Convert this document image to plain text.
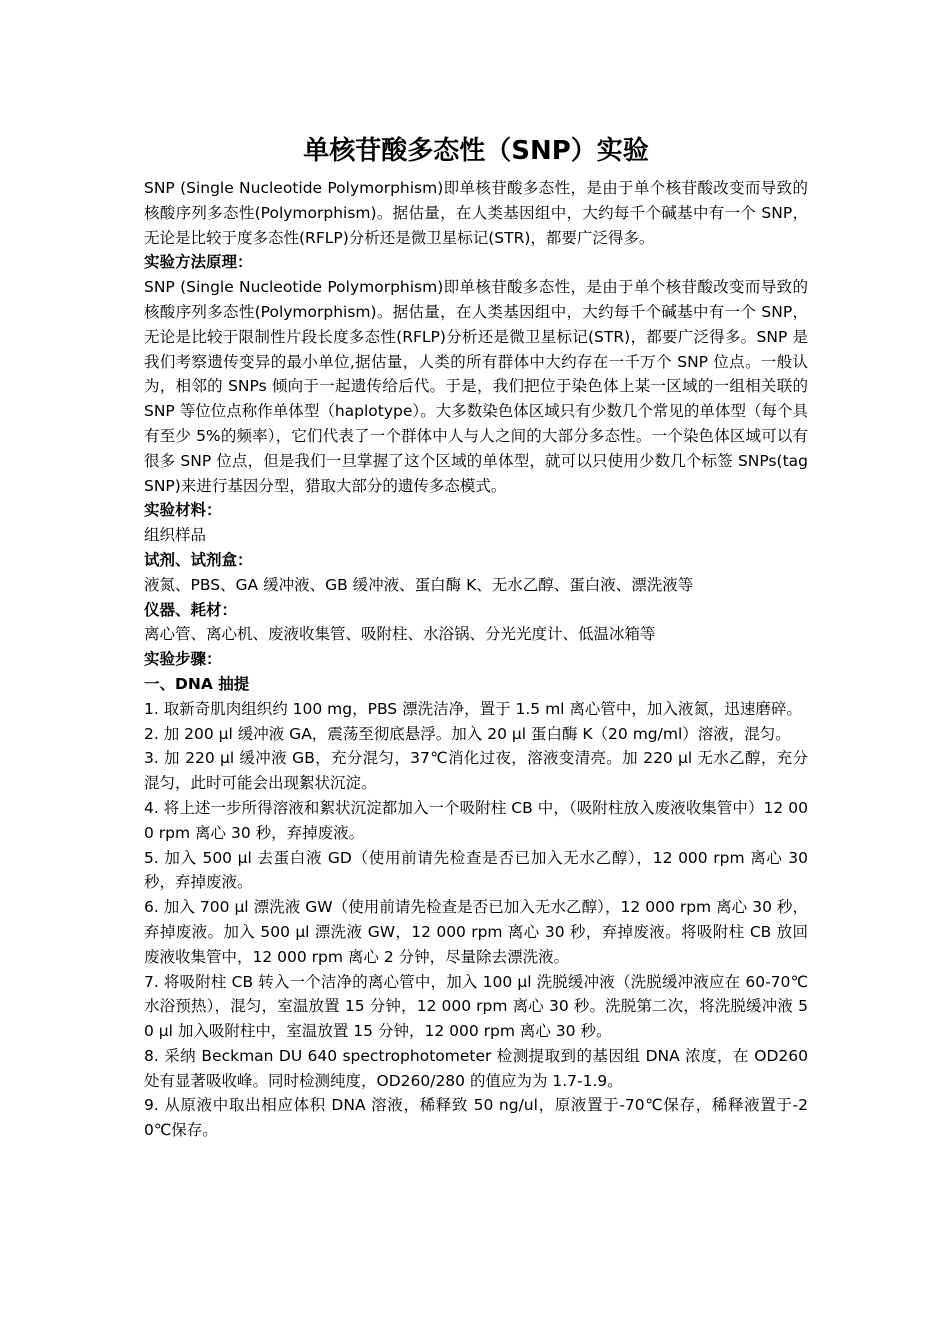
单核苷酸多态性（SNP）实验

SNP (Single Nucleotide Polymorphism)即单核苷酸多态性，是由于单个核苷酸改变而导致的核酸序列多态性(Polymorphism)。据估量，在人类基因组中，大约每千个碱基中有一个 SNP，无论是比较于度多态性(RFLP)分析还是微卫星标记(STR)，都要广泛得多。

实验方法原理：

SNP (Single Nucleotide Polymorphism)即单核苷酸多态性，是由于单个核苷酸改变而导致的核酸序列多态性(Polymorphism)。据估量，在人类基因组中，大约每千个碱基中有一个 SNP，无论是比较于限制性片段长度多态性(RFLP)分析还是微卫星标记(STR)，都要广泛得多。SNP 是我们考察遗传变异的最小单位,据估量，人类的所有群体中大约存在一千万个 SNP 位点。一般认为，相邻的 SNPs 倾向于一起遗传给后代。于是，我们把位于染色体上某一区域的一组相关联的 SNP 等位位点称作单体型（haplotype）。大多数染色体区域只有少数几个常见的单体型（每个具有至少 5%的频率），它们代表了一个群体中人与人之间的大部分多态性。一个染色体区域可以有很多 SNP 位点，但是我们一旦掌握了这个区域的单体型，就可以只使用少数几个标签 SNPs(tagSNP)来进行基因分型，猎取大部分的遗传多态模式。

实验材料：

组织样品

试剂、试剂盒：

液氮、PBS、GA 缓冲液、GB 缓冲液、蛋白酶 K、无水乙醇、蛋白液、漂洗液等

仪器、耗材：

离心管、离心机、废液收集管、吸附柱、水浴锅、分光光度计、低温冰箱等

实验步骤：

一、DNA 抽提

1. 取新奇肌肉组织约 100 mg，PBS 漂洗洁净，置于 1.5 ml 离心管中，加入液氮，迅速磨碎。

2. 加 200 μl 缓冲液 GA，震荡至彻底悬浮。加入 20 μl 蛋白酶 K（20 mg/ml）溶液，混匀。

3. 加 220 μl 缓冲液 GB，充分混匀，37℃消化过夜，溶液变清亮。加 220 μl 无水乙醇，充分混匀，此时可能会出现絮状沉淀。

4. 将上述一步所得溶液和絮状沉淀都加入一个吸附柱 CB 中，（吸附柱放入废液收集管中）12 000 rpm 离心 30 秒，弃掉废液。

5. 加入 500 μl 去蛋白液 GD（使用前请先检查是否已加入无水乙醇），12 000 rpm 离心 30 秒，弃掉废液。

6. 加入 700 μl 漂洗液 GW（使用前请先检查是否已加入无水乙醇），12 000 rpm 离心 30 秒，弃掉废液。加入 500 μl 漂洗液 GW，12 000 rpm 离心 30 秒，弃掉废液。将吸附柱 CB 放回废液收集管中，12 000 rpm 离心 2 分钟，尽量除去漂洗液。

7. 将吸附柱 CB 转入一个洁净的离心管中，加入 100 μl 洗脱缓冲液（洗脱缓冲液应在 60-70℃水浴预热），混匀，室温放置 15 分钟，12 000 rpm 离心 30 秒。洗脱第二次，将洗脱缓冲液 50 μl 加入吸附柱中，室温放置 15 分钟，12 000 rpm 离心 30 秒。

8. 采纳 Beckman DU 640 spectrophotometer 检测提取到的基因组 DNA 浓度，在 OD260 处有显著吸收峰。同时检测纯度，OD260/280 的值应为为 1.7-1.9。

9. 从原液中取出相应体积 DNA 溶液，稀释致 50 ng/ul，原液置于-70℃保存，稀释液置于-20℃保存。
